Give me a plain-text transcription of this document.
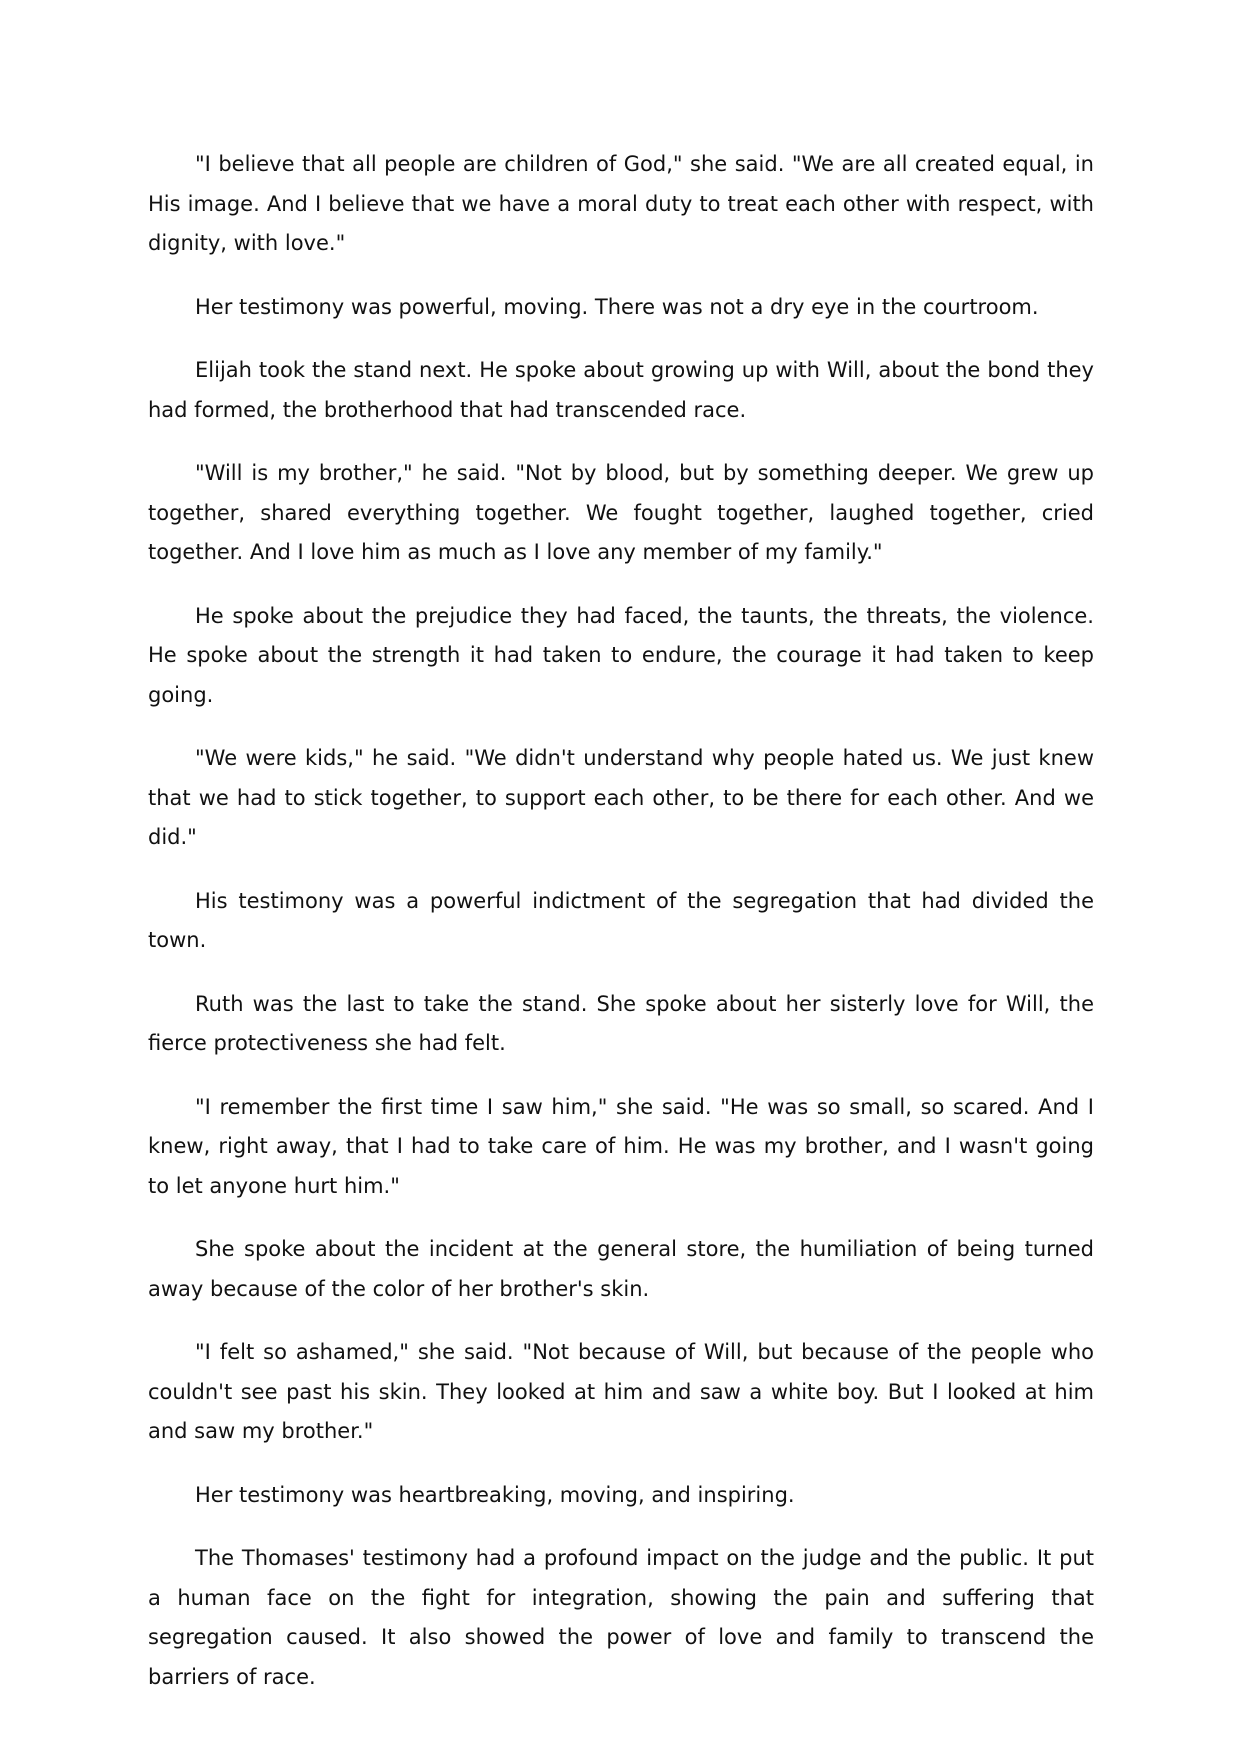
"I believe that all people are children of God," she said. "We are all created equal, in His image. And I believe that we have a moral duty to treat each other with respect, with dignity, with love."

Her testimony was powerful, moving. There was not a dry eye in the courtroom.

Elijah took the stand next. He spoke about growing up with Will, about the bond they had formed, the brotherhood that had transcended race.

"Will is my brother," he said. "Not by blood, but by something deeper. We grew up together, shared everything together. We fought together, laughed together, cried together. And I love him as much as I love any member of my family."

He spoke about the prejudice they had faced, the taunts, the threats, the violence. He spoke about the strength it had taken to endure, the courage it had taken to keep going.

"We were kids," he said. "We didn't understand why people hated us. We just knew that we had to stick together, to support each other, to be there for each other. And we did."

His testimony was a powerful indictment of the segregation that had divided the town.

Ruth was the last to take the stand. She spoke about her sisterly love for Will, the fierce protectiveness she had felt.

"I remember the first time I saw him," she said. "He was so small, so scared. And I knew, right away, that I had to take care of him. He was my brother, and I wasn't going to let anyone hurt him."

She spoke about the incident at the general store, the humiliation of being turned away because of the color of her brother's skin.

"I felt so ashamed," she said. "Not because of Will, but because of the people who couldn't see past his skin. They looked at him and saw a white boy. But I looked at him and saw my brother."

Her testimony was heartbreaking, moving, and inspiring.

The Thomases' testimony had a profound impact on the judge and the public. It put a human face on the fight for integration, showing the pain and suffering that segregation caused. It also showed the power of love and family to transcend the barriers of race.
